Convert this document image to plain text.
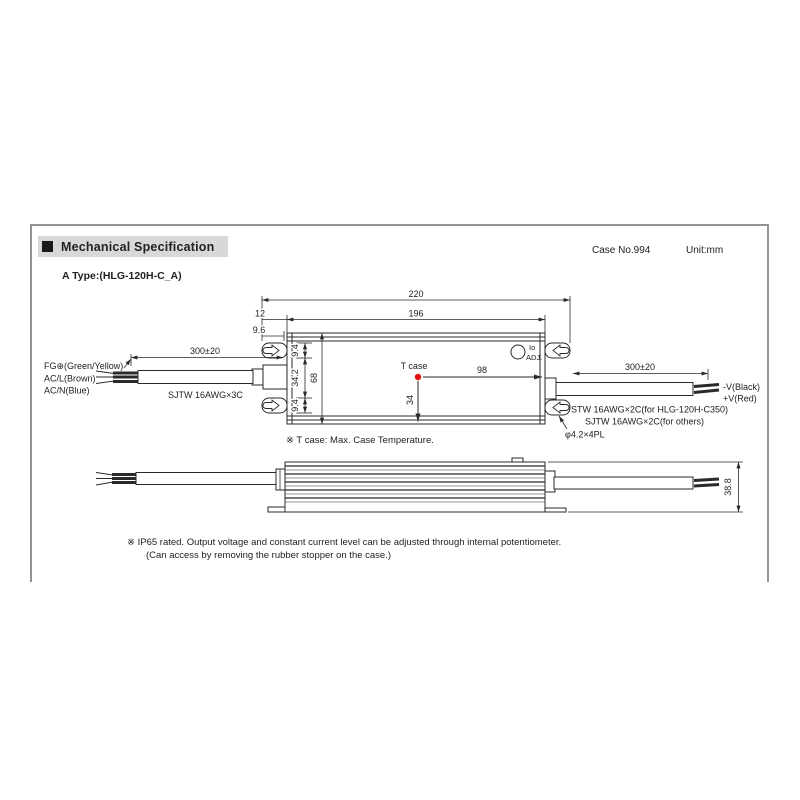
Mechanical Specification	Case No.994	Unit:mm
A Type:(HLG-120H-C_A)
220
196
12
9.6
9.4
34.2
9.4
68
T case	98
34
Io
ADJ.
FG⊕(Green/Yellow)
AC/L(Brown)
AC/N(Blue)	SJTW 16AWG×3C
300±20
300±20
-V(Black)
+V(Red)
STW 16AWG×2C(for HLG-120H-C350)
SJTW 16AWG×2C(for others)
φ4.2×4PL
38.8
※ T case: Max. Case Temperature.
※ IP65 rated. Output voltage and constant current level can be adjusted through internal potentiometer.
(Can access by removing the rubber stopper on the case.)
